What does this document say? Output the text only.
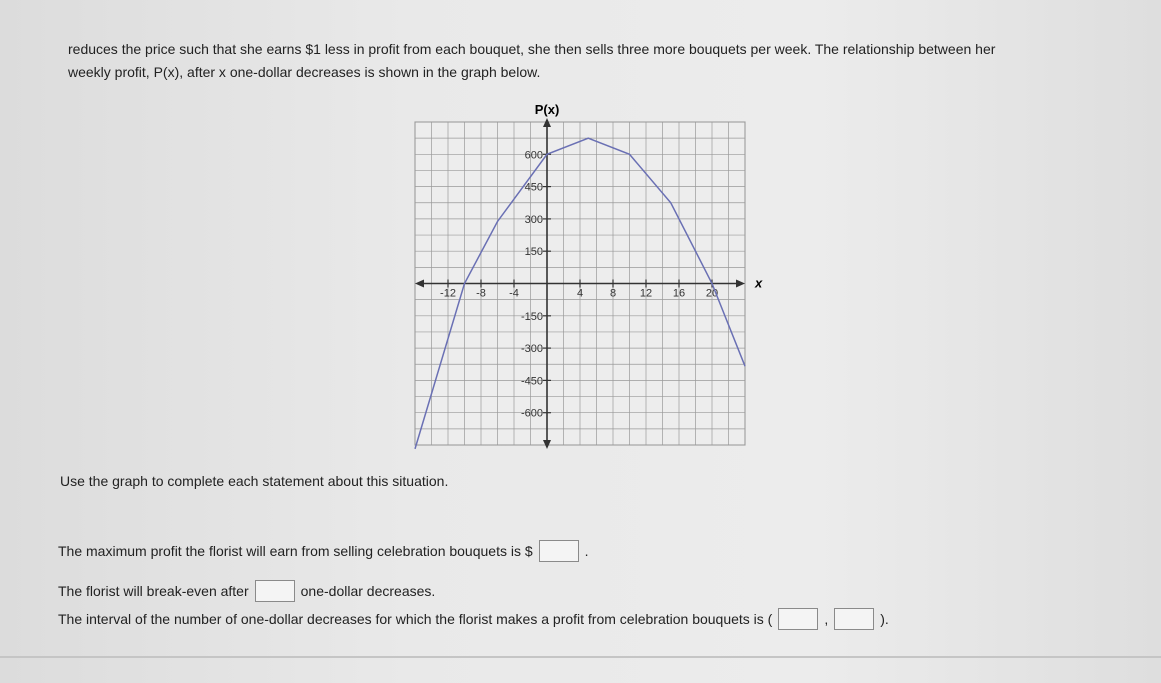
reduces the price such that she earns $1 less in profit from each bouquet, she then sells three more bouquets per week. The relationship between her
weekly profit, P(x), after x one-dollar decreases is shown in the graph below.
P(x)
x
-12 -8 -4	4 8 12 16 20
600
450
300
150
-150
-300
-450
-600
Use the graph to complete each statement about this situation.
The maximum profit the florist will earn from selling celebration bouquets is $	.
The florist will break-even after	one-dollar decreases.
The interval of the number of one-dollar decreases for which the florist makes a profit from celebration bouquets is (	,	).
